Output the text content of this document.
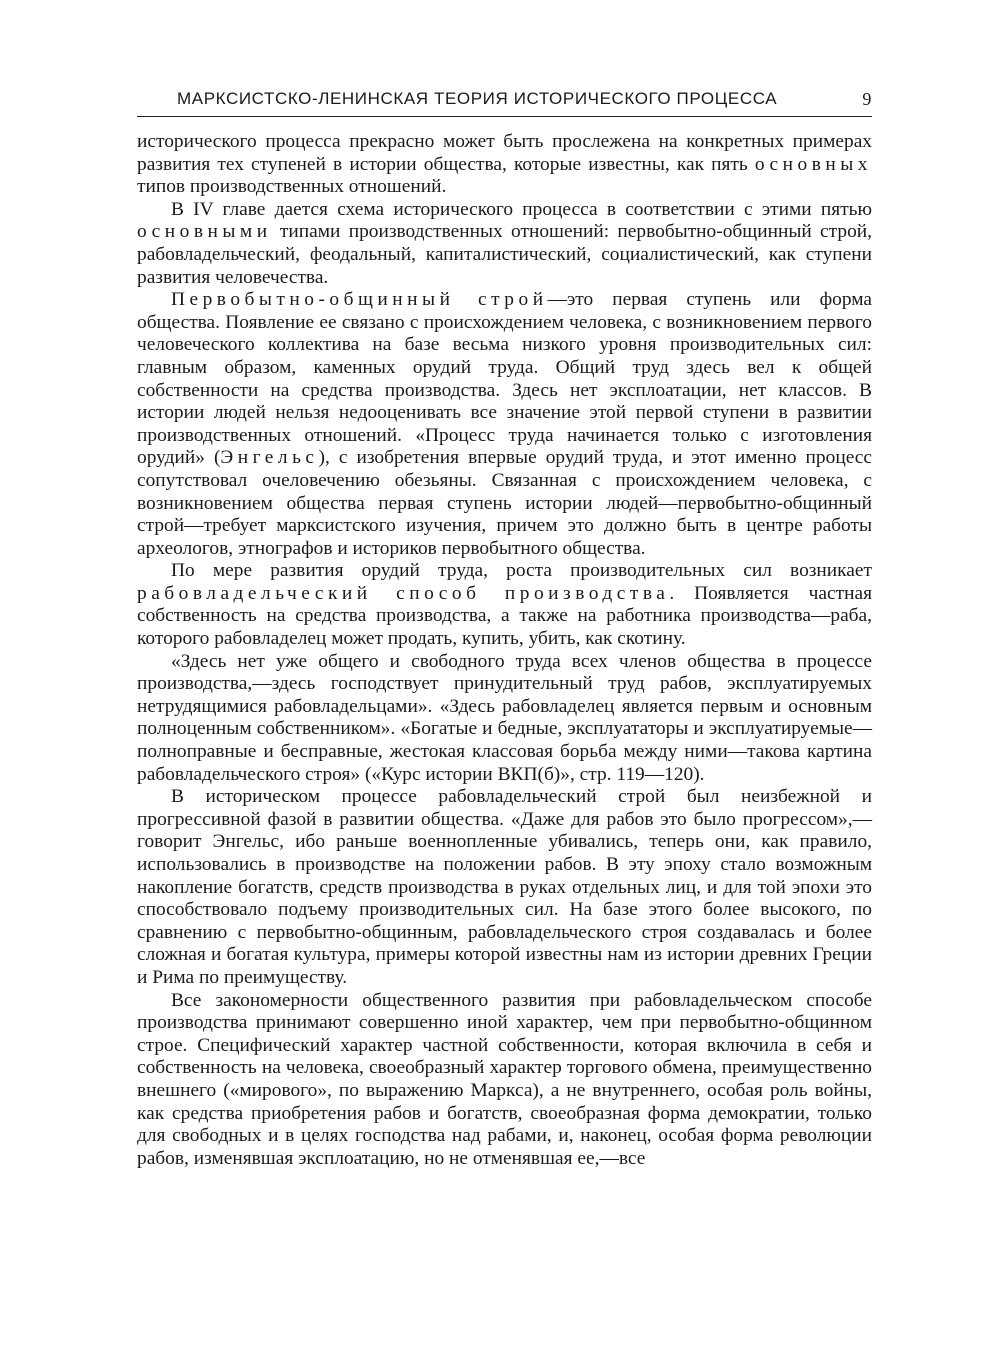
МАРКСИСТСКО-ЛЕНИНСКАЯ ТЕОРИЯ ИСТОРИЧЕСКОГО ПРОЦЕССА	9

исторического процесса прекрасно может быть прослежена на конкретных примерах развития тех ступеней в истории общества, которые известны, как пять основных типов производственных отношений.

В IV главе дается схема исторического процесса в соответствии с этими пятью основными типами производственных отношений: первобытно-общинный строй, рабовладельческий, феодальный, капиталистический, социалистический, как ступени развития человечества.

Первобытно-общинный строй—это первая ступень или форма общества. Появление ее связано с происхождением человека, с возникновением первого человеческого коллектива на базе весьма низкого уровня производительных сил: главным образом, каменных орудий труда. Общий труд здесь вел к общей собственности на средства производства. Здесь нет эксплоатации, нет классов. В истории людей нельзя недооценивать все значение этой первой ступени в развитии производственных отношений. «Процесс труда начинается только с изготовления орудий» (Энгельс), с изобретения впервые орудий труда, и этот именно процесс сопутствовал очеловечению обезьяны. Связанная с происхождением человека, с возникновением общества первая ступень истории людей—первобытно-общинный строй—требует марксистского изучения, причем это должно быть в центре работы археологов, этнографов и историков первобытного общества.

По мере развития орудий труда, роста производительных сил возникает рабовладельческий способ производства. Появляется частная собственность на средства производства, а также на работника производства—раба, которого рабовладелец может продать, купить, убить, как скотину.

«Здесь нет уже общего и свободного труда всех членов общества в процессе производства,—здесь господствует принудительный труд рабов, эксплуатируемых нетрудящимися рабовладельцами». «Здесь рабовладелец является первым и основным полноценным собственником». «Богатые и бедные, эксплуататоры и эксплуатируемые—полноправные и бесправные, жестокая классовая борьба между ними—такова картина рабовладельческого строя» («Курс истории ВКП(б)», стр. 119—120).

В историческом процессе рабовладельческий строй был неизбежной и прогрессивной фазой в развитии общества. «Даже для рабов это было прогрессом»,—говорит Энгельс, ибо раньше военнопленные убивались, теперь они, как правило, использовались в производстве на положении рабов. В эту эпоху стало возможным накопление богатств, средств производства в руках отдельных лиц, и для той эпохи это способствовало подъему производительных сил. На базе этого более высокого, по сравнению с первобытно-общинным, рабовладельческого строя создавалась и более сложная и богатая культура, примеры которой известны нам из истории древних Греции и Рима по преимуществу.

Все закономерности общественного развития при рабовладельческом способе производства принимают совершенно иной характер, чем при первобытно-общинном строе. Специфический характер частной собственности, которая включила в себя и собственность на человека, своеобразный характер торгового обмена, преимущественно внешнего («мирового», по выражению Маркса), а не внутреннего, особая роль войны, как средства приобретения рабов и богатств, своеобразная форма демократии, только для свободных и в целях господства над рабами, и, наконец, особая форма революции рабов, изменявшая эксплоатацию, но не отменявшая ее,—все
